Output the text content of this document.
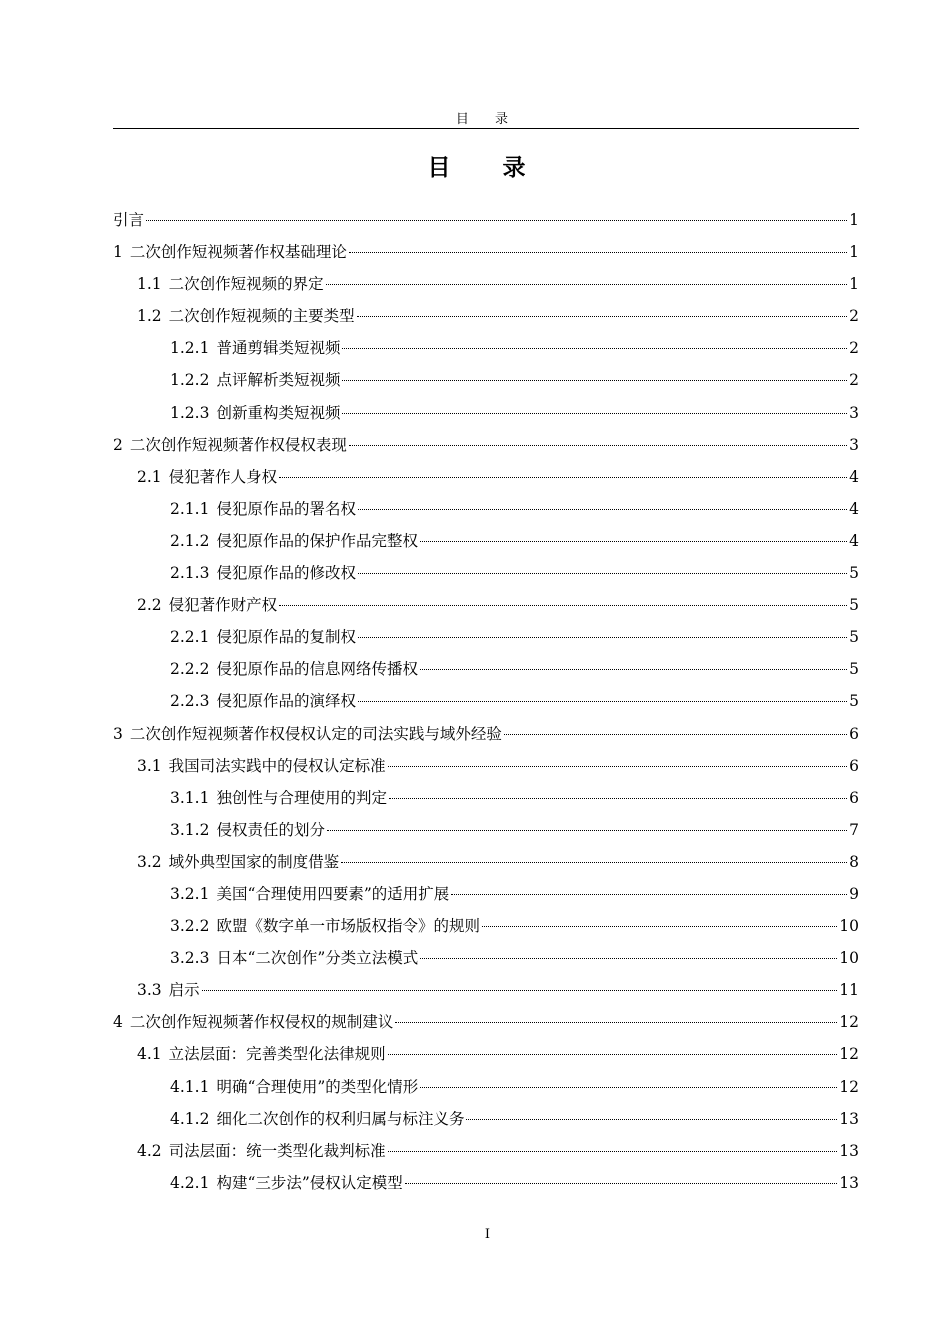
目 录
目 录
引言	1
1 二次创作短视频著作权基础理论	1
1.1 二次创作短视频的界定	1
1.2 二次创作短视频的主要类型	2
1.2.1 普通剪辑类短视频	2
1.2.2 点评解析类短视频	2
1.2.3 创新重构类短视频	3
2 二次创作短视频著作权侵权表现	3
2.1 侵犯著作人身权	4
2.1.1 侵犯原作品的署名权	4
2.1.2 侵犯原作品的保护作品完整权	4
2.1.3 侵犯原作品的修改权	5
2.2 侵犯著作财产权	5
2.2.1 侵犯原作品的复制权	5
2.2.2 侵犯原作品的信息网络传播权	5
2.2.3 侵犯原作品的演绎权	5
3 二次创作短视频著作权侵权认定的司法实践与域外经验	6
3.1 我国司法实践中的侵权认定标准	6
3.1.1 独创性与合理使用的判定	6
3.1.2 侵权责任的划分	7
3.2 域外典型国家的制度借鉴	8
3.2.1 美国“合理使用四要素”的适用扩展	9
3.2.2 欧盟《数字单一市场版权指令》的规则	10
3.2.3 日本“二次创作”分类立法模式	10
3.3 启示	11
4 二次创作短视频著作权侵权的规制建议	12
4.1 立法层面：完善类型化法律规则	12
4.1.1 明确“合理使用”的类型化情形	12
4.1.2 细化二次创作的权利归属与标注义务	13
4.2 司法层面：统一类型化裁判标准	13
4.2.1 构建“三步法”侵权认定模型	13
I
